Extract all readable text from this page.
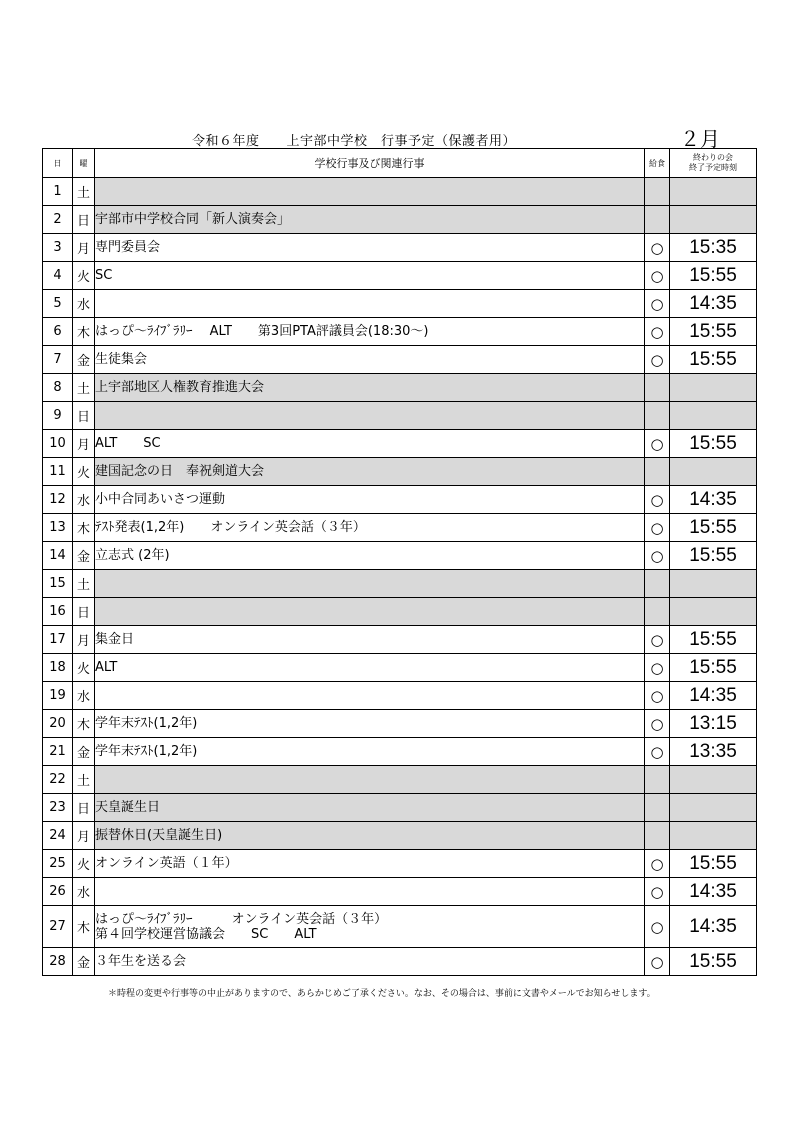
令和６年度　　上宇部中学校　行事予定（保護者用）	２月
日	曜	学校行事及び関連行事	給食	終わりの会
終了予定時刻

1	土			
2	日	宇部市中学校合同「新人演奏会」		
3	月	専門委員会	○	15:35
4	火	SC	○	15:55
5	水		○	14:35
6	木	はっぴ～ﾗｲﾌﾞﾗﾘｰ　 ALT　　第3回PTA評議員会(18:30～)	○	15:55
7	金	生徒集会	○	15:55
8	土	上宇部地区人権教育推進大会		
9	日			
10	月	ALT　　SC	○	15:55
11	火	建国記念の日　奉祝剣道大会		
12	水	小中合同あいさつ運動	○	14:35
13	木	ﾃｽﾄ発表(1,2年)　　オンライン英会話（３年）	○	15:55
14	金	立志式 (2年)	○	15:55
15	土			
16	日			
17	月	集金日	○	15:55
18	火	ALT	○	15:55
19	水		○	14:35
20	木	学年末ﾃｽﾄ(1,2年)	○	13:15
21	金	学年末ﾃｽﾄ(1,2年)	○	13:35
22	土			
23	日	天皇誕生日		
24	月	振替休日(天皇誕生日)		
25	火	オンライン英語（１年）	○	15:55
26	水		○	14:35
27	木	はっぴ～ﾗｲﾌﾞﾗﾘｰ　　　オンライン英会話（３年）
第４回学校運営協議会　　SC　　ALT	○	14:35
28	金	３年生を送る会	○	15:55
＊時程の変更や行事等の中止がありますので、あらかじめご了承ください。なお、その場合は、事前に文書やメールでお知らせします。
